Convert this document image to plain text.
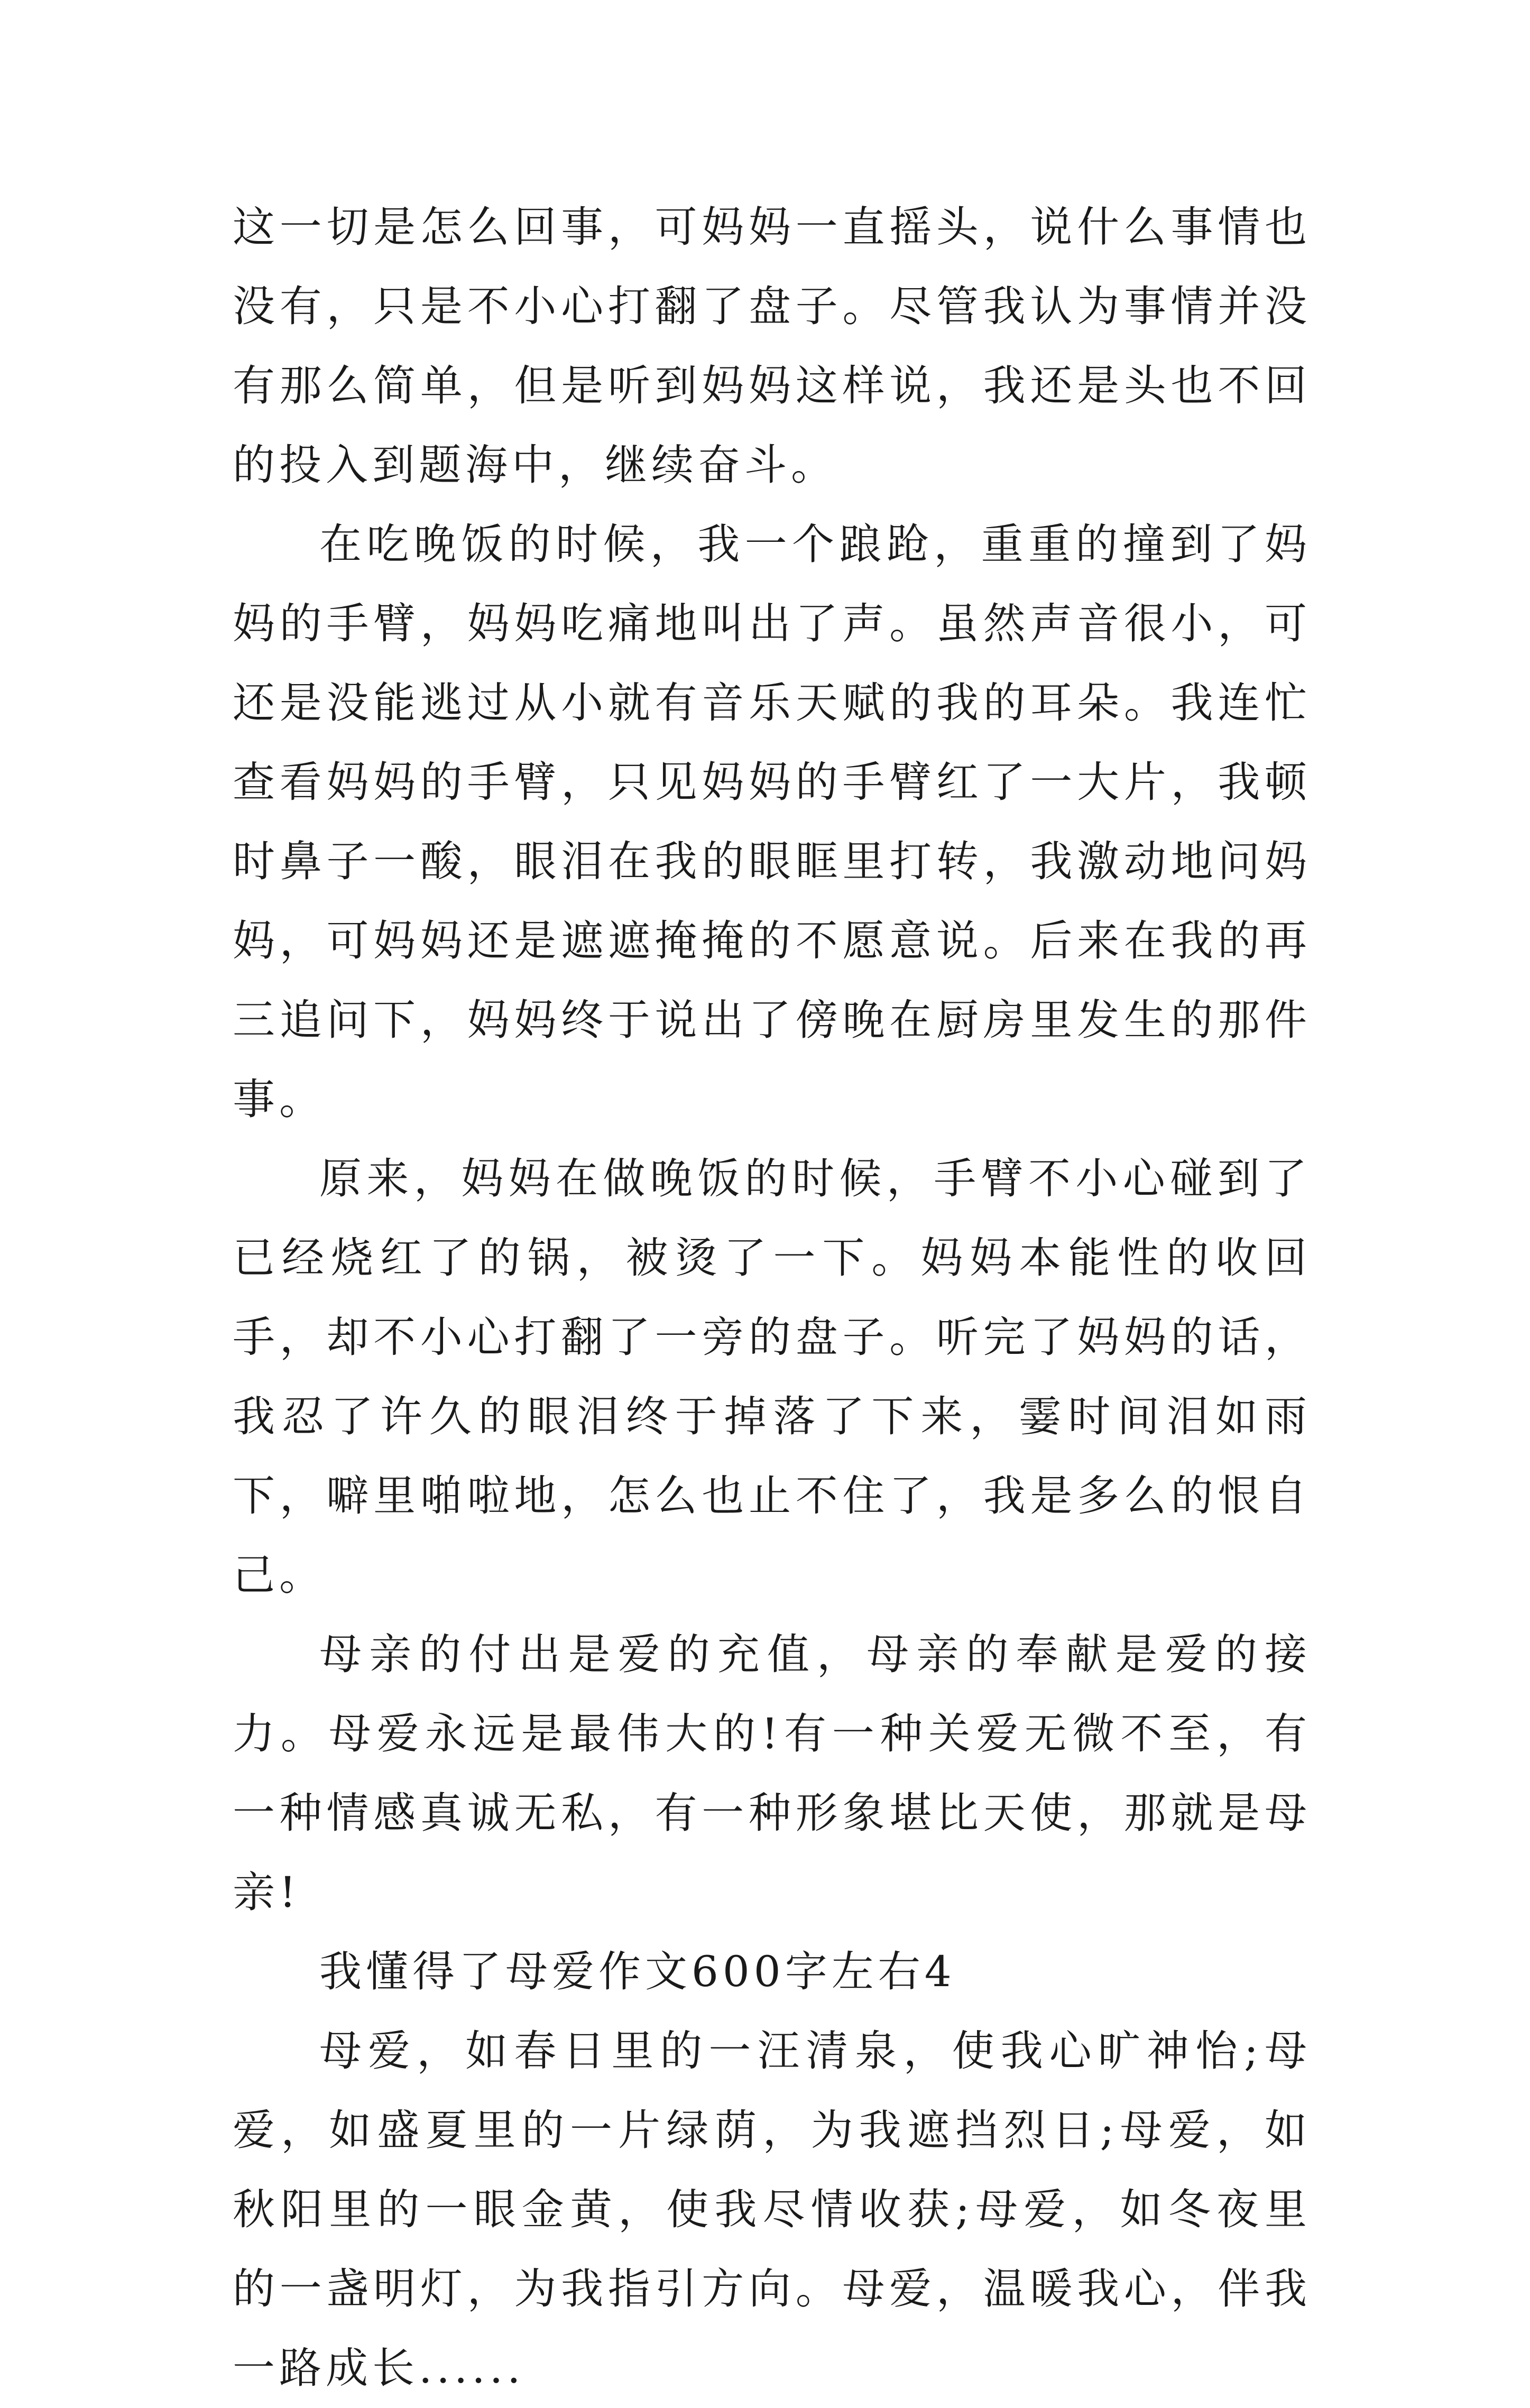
这一切是怎么回事，可妈妈一直摇头，说什么事情也没有，只是不小心打翻了盘子。尽管我认为事情并没有那么简单，但是听到妈妈这样说，我还是头也不回的投入到题海中，继续奋斗。

在吃晚饭的时候，我一个踉跄，重重的撞到了妈妈的手臂，妈妈吃痛地叫出了声。虽然声音很小，可还是没能逃过从小就有音乐天赋的我的耳朵。我连忙查看妈妈的手臂，只见妈妈的手臂红了一大片，我顿时鼻子一酸，眼泪在我的眼眶里打转，我激动地问妈妈，可妈妈还是遮遮掩掩的不愿意说。后来在我的再三追问下，妈妈终于说出了傍晚在厨房里发生的那件事。

原来，妈妈在做晚饭的时候，手臂不小心碰到了已经烧红了的锅，被烫了一下。妈妈本能性的收回手，却不小心打翻了一旁的盘子。听完了妈妈的话，我忍了许久的眼泪终于掉落了下来，霎时间泪如雨下，噼里啪啦地，怎么也止不住了，我是多么的恨自己。

母亲的付出是爱的充值，母亲的奉献是爱的接力。母爱永远是最伟大的!有一种关爱无微不至，有一种情感真诚无私，有一种形象堪比天使，那就是母亲!

我懂得了母爱作文600字左右4

母爱，如春日里的一汪清泉，使我心旷神怡;母爱，如盛夏里的一片绿荫，为我遮挡烈日;母爱，如秋阳里的一眼金黄，使我尽情收获;母爱，如冬夜里的一盏明灯，为我指引方向。母爱，温暖我心，伴我一路成长......
